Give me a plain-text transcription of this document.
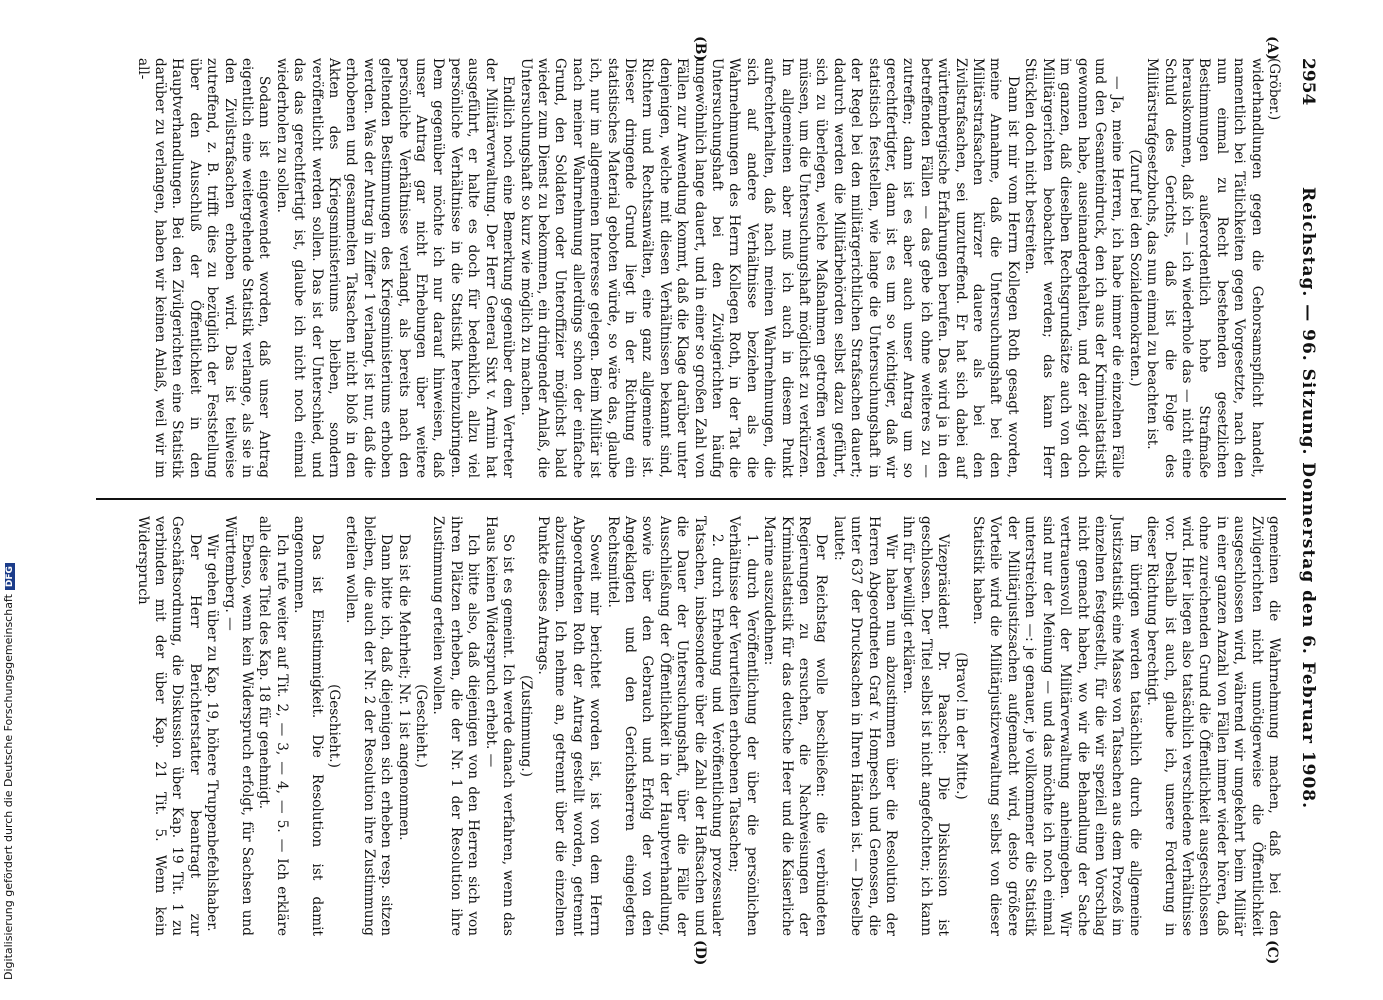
Digitalisierung gefördert durch die Deutsche ForschungsgemeinschaftDFG
2954
Reichstag. — 96. Sitzung. Donnerstag den 6. Februar 1908.
(A)
(B)
(C)
(D)

(Gröber.)

widerhandlungen gegen die Gehorsamspflicht handelt, namentlich bei Tätlichkeiten gegen Vorgesetzte, nach den nun einmal zu Recht bestehenden gesetzlichen Bestimmungen außerordentlich hohe Strafmaße herauskommen, daß ich — ich wiederhole das — nicht eine Schuld des Gerichts, daß ist die Folge des Militärstrafgesetzbuchs, das nun einmal zu beachten ist.

(Zuruf bei den Sozialdemokraten.)

— Ja, meine Herren, ich habe immer die einzelnen Fälle und den Gesamteindruck, den ich aus der Kriminalstatistik gewonnen habe, auseinandergehalten, und der zeigt doch im ganzen, daß dieselben Rechtsgrundsätze auch von den Militärgerichten beobachtet werden; das kann Herr Stücklen doch nicht bestreiten.

Dann ist mir vom Herrn Kollegen Roth gesagt worden, meine Annahme, daß die Untersuchungshaft bei den Militärstrafsachen kürzer dauere als bei den Zivilstrafsachen, sei unzutreffend. Er hat sich dabei auf württembergische Erfahrungen berufen. Das wird ja in den betreffenden Fällen — das gebe ich ohne weiteres zu — zutreffen; dann ist es aber auch unser Antrag um so gerechtfertigter, dann ist es um so wichtiger, daß wir statistisch feststellen, wie lange die Untersuchungshaft in der Regel bei den militärgerichtlichen Strafsachen dauert; dadurch werden die Militärbehörden selbst dazu geführt, sich zu überlegen, welche Maßnahmen getroffen werden müssen, um die Untersuchungshaft möglichst zu verkürzen. Im allgemeinen aber muß ich auch in diesem Punkt aufrechterhalten, daß nach meinen Wahrnehmungen, die sich auf andere Verhältnisse beziehen als die Wahrnehmungen des Herrn Kollegen Roth, in der Tat die Untersuchungshaft bei den Zivilgerichten häufig ungewöhnlich lange dauert, und in einer so großen Zahl von Fällen zur Anwendung kommt, daß die Klage darüber unter denjenigen, welche mit diesen Verhältnissen bekannt sind, Richtern und Rechtsanwälten, eine ganz allgemeine ist. Dieser dringende Grund liegt in der Richtung ein statistisches Material geboten würde, so wäre das, glaube ich, nur im allgemeinen Interesse gelegen. Beim Militär ist nach meiner Wahrnehmung allerdings schon der einfache Grund, den Soldaten oder Unteroffizier möglichst bald wieder zum Dienst zu bekommen, ein dringender Anlaß, die Untersuchungshaft so kurz wie möglich zu machen.

Endlich noch eine Bemerkung gegenüber dem Vertreter der Militärverwaltung. Der Herr General Sixt v. Armin hat ausgeführt, er halte es doch für bedenklich, allzu viel persönliche Verhältnisse in die Statistik hereinzubringen. Dem gegenüber möchte ich nur darauf hinweisen, daß unser Antrag gar nicht Erhebungen über weitere persönliche Verhältnisse verlangt, als bereits nach den geltenden Bestimmungen des Kriegsministeriums erhoben werden. Was der Antrag in Ziffer 1 verlangt, ist nur, daß die erhobenen und gesammelten Tatsachen nicht bloß in den Akten des Kriegsministeriums bleiben, sondern veröffentlicht werden sollen. Das ist der Unterschied, und das das gerechtfertigt ist, glaube ich nicht noch einmal wiederholen zu sollen.

Sodann ist eingewendet worden, daß unser Antrag eigentlich eine weitergehende Statistik verlange, als sie in den Zivilstrafsachen erhoben wird. Das ist teilweise zutreffend, z. B. trifft dies zu bezüglich der Feststellung über den Ausschluß der Öffentlichkeit in den Hauptverhandlungen. Bei den Zivilgerichten eine Statistik darüber zu verlangen, haben wir keinen Anlaß, weil wir im all-

gemeinen die Wahrnehmung machen, daß bei den Zivilgerichten nicht unnötigerweise die Öffentlichkeit ausgeschlossen wird, während wir umgekehrt beim Militär in einer ganzen Anzahl von Fällen immer wieder hören, daß ohne zureichenden Grund die Öffentlichkeit ausgeschlossen wird. Hier liegen also tatsächlich verschiedene Verhältnisse vor. Deshalb ist auch, glaube ich, unsere Forderung in dieser Richtung berechtigt.

Im übrigen werden tatsächlich durch die allgemeine Justizstatistik eine Masse von Tatsachen aus dem Prozeß im einzelnen festgestellt, für die wir speziell einen Vorschlag nicht gemacht haben, wo wir die Behandlung der Sache vertrauensvoll der Militärverwaltung anheimgeben. Wir sind nur der Meinung — und das möchte ich noch einmal unterstreichen —: je genauer, je vollkommener die Statistik der Militärjustizsachen aufgemacht wird, desto größere Vorteile wird die Militärjustizverwaltung selbst von dieser Statistik haben.

(Bravo! in der Mitte.)

Vizepräsident Dr. Paasche: Die Diskussion ist geschlossen. Der Titel selbst ist nicht angefochten; ich kann ihn für bewilligt erklären.

Wir haben nun abzustimmen über die Resolution der Herren Abgeordneten Graf v. Hompesch und Genossen, die unter 637 der Drucksachen in Ihren Händen ist. — Dieselbe lautet:

Der Reichstag wolle beschließen: die verbündeten Regierungen zu ersuchen, die Nachweisungen der Kriminalstatistik für das deutsche Heer und die Kaiserliche Marine auszudehnen:

1. durch Veröffentlichung der über die persönlichen Verhältnisse der Verurteilten erhobenen Tatsachen;

2. durch Erhebung und Veröffentlichung prozessualer Tatsachen, insbesondere über die Zahl der Haftsachen und die Dauer der Untersuchungshaft, über die Fälle der Ausschließung der Öffentlichkeit in der Hauptverhandlung, sowie über den Gebrauch und Erfolg der von den Angeklagten und den Gerichtsherren eingelegten Rechtsmittel.

Soweit mir berichtet worden ist, ist von dem Herrn Abgeordneten Roth der Antrag gestellt worden, getrennt abzustimmen. Ich nehme an, getrennt über die einzelnen Punkte dieses Antrags.

(Zustimmung.)

So ist es gemeint. Ich werde danach verfahren, wenn das Haus keinen Widerspruch erhebt. —

Ich bitte also, daß diejenigen von den Herren sich von ihren Plätzen erheben, die der Nr. 1 der Resolution ihre Zustimmung erteilen wollen.

(Geschieht.)

Das ist die Mehrheit; Nr. 1 ist angenommen.

Dann bitte ich, daß diejenigen sich erheben resp. sitzen bleiben, die auch der Nr. 2 der Resolution ihre Zustimmung erteilen wollen.

(Geschieht.)

Das ist Einstimmigkeit. Die Resolution ist damit angenommen.

Ich rufe weiter auf Tit. 2, — 3, — 4, — 5. — Ich erkläre alle diese Titel des Kap. 18 für genehmigt.

Ebenso, wenn kein Widerspruch erfolgt, für Sachsen und Württemberg. —

Wir gehen über zu Kap. 19, höhere Truppenbefehlshaber.

Der Herr Berichterstatter beantragt zur Geschäftsordnung, die Diskussion über Kap. 19 Tit. 1 zu verbinden mit der über Kap. 21 Tit. 5. Wenn kein Widerspruch
